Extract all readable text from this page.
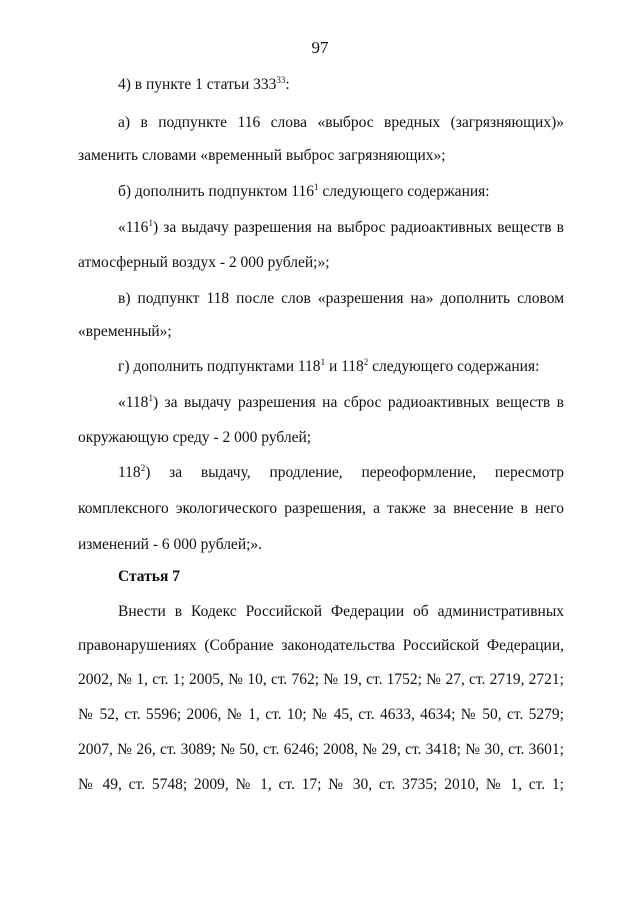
97
4) в пункте 1 статьи $333^{33}$:
а) в подпункте 116 слова «выброс вредных (загрязняющих)»
заменить словами «временный выброс загрязняющих»;
б) дополнить подпунктом $116^1$ следующего содержания:
«$116^1$) за выдачу разрешения на выброс радиоактивных веществ в
атмосферный воздух - 2 000 рублей;»;
в) подпункт 118 после слов «разрешения на» дополнить словом
«временный»;
г) дополнить подпунктами $118^1$ и $118^2$ следующего содержания:
«$118^1$) за выдачу разрешения на сброс радиоактивных веществ в
окружающую среду - 2 000 рублей;
$118^2$) за выдачу, продление, переоформление, пересмотр
комплексного экологического разрешения, а также за внесение в него
изменений - 6 000 рублей;».
Статья 7
Внести в Кодекс Российской Федерации об административных
правонарушениях (Собрание законодательства Российской Федерации,
2002, № 1, ст. 1; 2005, № 10, ст. 762; № 19, ст. 1752; № 27, ст. 2719, 2721;
№ 52, ст. 5596; 2006, № 1, ст. 10; № 45, ст. 4633, 4634; № 50, ст. 5279;
2007, № 26, ст. 3089; № 50, ст. 6246; 2008, № 29, ст. 3418; № 30, ст. 3601;
№ 49, ст. 5748; 2009, № 1, ст. 17; № 30, ст. 3735; 2010, № 1, ст. 1;
